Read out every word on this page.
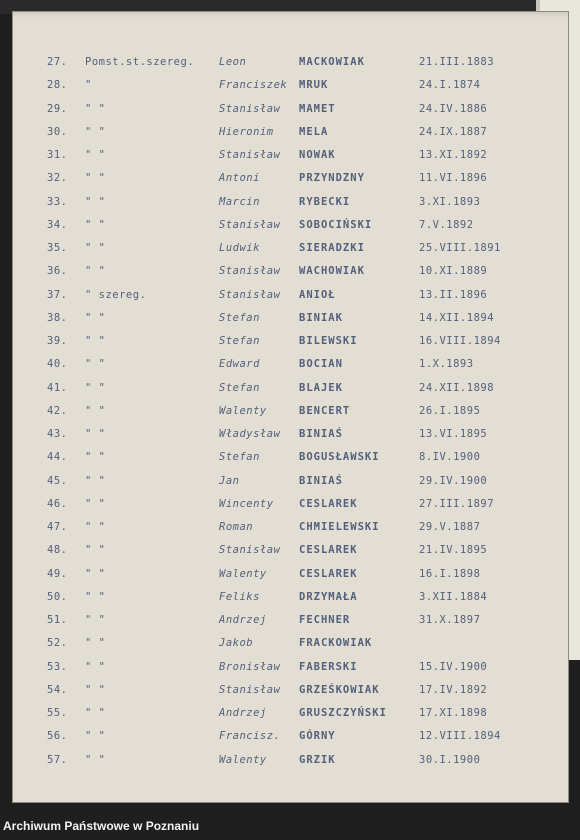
27.	Pomst.st.szereg.	Leon	MACKOWIAK	21.III.1883
28.	"	Franciszek	MRUK	24.I.1874
29.	" "	Stanisław	MAMET	24.IV.1886
30.	" "	Hieronim	MELA	24.IX.1887
31.	" "	Stanisław	NOWAK	13.XI.1892
32.	" "	Antoni	PRZYNDZNY	11.VI.1896
33.	" "	Marcin	RYBECKI	3.XI.1893
34.	" "	Stanisław	SOBOCIŃSKI	7.V.1892
35.	" "	Ludwik	SIERADZKI	25.VIII.1891
36.	" "	Stanisław	WACHOWIAK	10.XI.1889
37.	" szereg.	Stanisław	ANIOŁ	13.II.1896
38.	" "	Stefan	BINIAK	14.XII.1894
39.	" "	Stefan	BILEWSKI	16.VIII.1894
40.	" "	Edward	BOCIAN	1.X.1893
41.	" "	Stefan	BLAJEK	24.XII.1898
42.	" "	Walenty	BENCERT	26.I.1895
43.	" "	Władysław	BINIAŚ	13.VI.1895
44.	" "	Stefan	BOGUSŁAWSKI	8.IV.1900
45.	" "	Jan	BINIAŚ	29.IV.1900
46.	" "	Wincenty	CESLAREK	27.III.1897
47.	" "	Roman	CHMIELEWSKI	29.V.1887
48.	" "	Stanisław	CESLAREK	21.IV.1895
49.	" "	Walenty	CESLAREK	16.I.1898
50.	" "	Feliks	DRZYMAŁA	3.XII.1884
51.	" "	Andrzej	FECHNER	31.X.1897
52.	" "	Jakob	FRACKOWIAK
53.	" "	Bronisław	FABERSKI	15.IV.1900
54.	" "	Stanisław	GRZEŚKOWIAK	17.IV.1892
55.	" "	Andrzej	GRUSZCZYŃSKI	17.XI.1898
56.	" "	Francisz.	GÓRNY	12.VIII.1894
57.	" "	Walenty	GRZIK	30.I.1900
Archiwum Państwowe w Poznaniu
